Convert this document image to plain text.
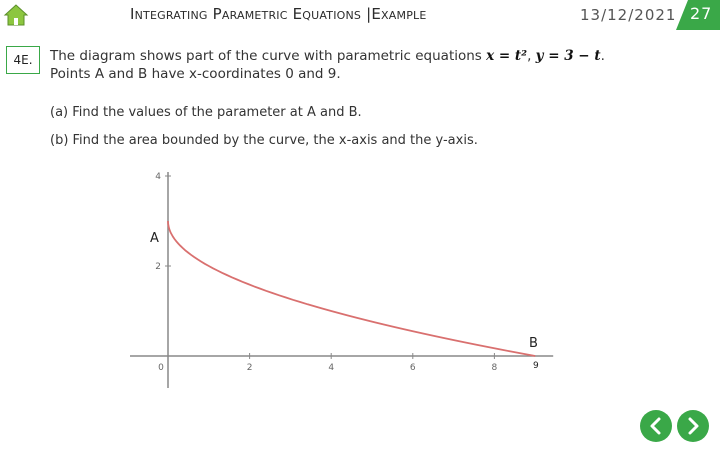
Integrating Parametric Equations |Example	13/12/2021 27
4E.	The diagram shows part of the curve with parametric equations x = t², y = 3 − t.
Points A and B have x-coordinates 0 and 9.
(a) Find the values of the parameter at A and B.
(b) Find the area bounded by the curve, the x-axis and the y-axis.
0	2	4	6	8
2
4
A
B
9
